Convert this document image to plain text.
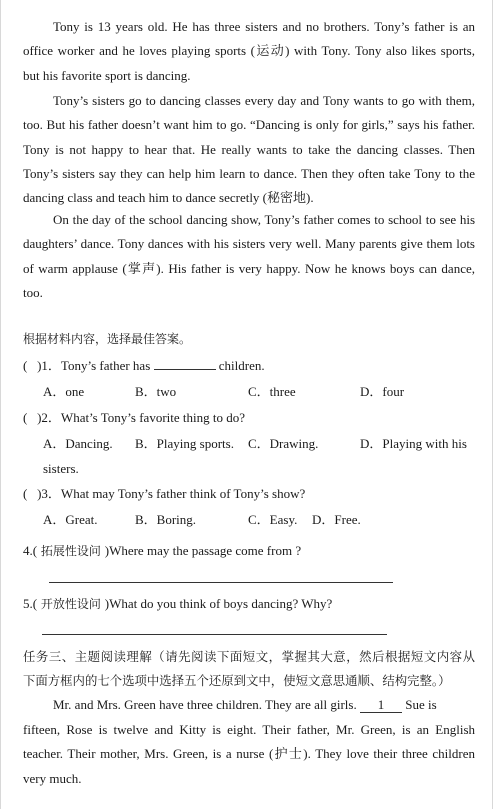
Tony is 13 years old. He has three sisters and no brothers. Tony’s father is an
office worker and he loves playing sports (运动) with Tony. Tony also likes sports,
but his favorite sport is dancing.
Tony’s sisters go to dancing classes every day and Tony wants to go with them,
too. But his father doesn’t want him to go. “Dancing is only for girls,” says his father.
Tony is not happy to hear that. He really wants to take the dancing classes. Then
Tony’s sisters say they can help him learn to dance. Then they often take Tony to the
dancing class and teach him to dance secretly (秘密地).
On the day of the school dancing show, Tony’s father comes to school to see his
daughters’ dance. Tony dances with his sisters very well. Many parents give them lots
of warm applause (掌声). His father is very happy. Now he knows boys can dance,
too.
根据材料内容，选择最佳答案。
(   )1．Tony’s father has	children.
A．one	B．two	C．three	D．four
(   )2．What’s Tony’s favorite thing to do?
A．Dancing. B．Playing sports. C．Drawing.	D．Playing with his
sisters.
(   )3．What may Tony’s father think of Tony’s show?
A．Great.	B．Boring.	C．Easy. D．Free.
4.( 拓展性设问 )Where may the passage come from ?
5.( 开放性设问 )What do you think of boys dancing? Why?
任务三、主题阅读理解（请先阅读下面短文，掌握其大意，然后根据短文内容从
下面方框内的七个选项中选择五个还原到文中，使短文意思通顺、结构完整。）
Mr. and Mrs. Green have three children. They are all girls. 1 Sue is
fifteen, Rose is twelve and Kitty is eight. Their father, Mr. Green, is an English
teacher. Their mother, Mrs. Green, is a nurse (护士). They love their three children
very much.
